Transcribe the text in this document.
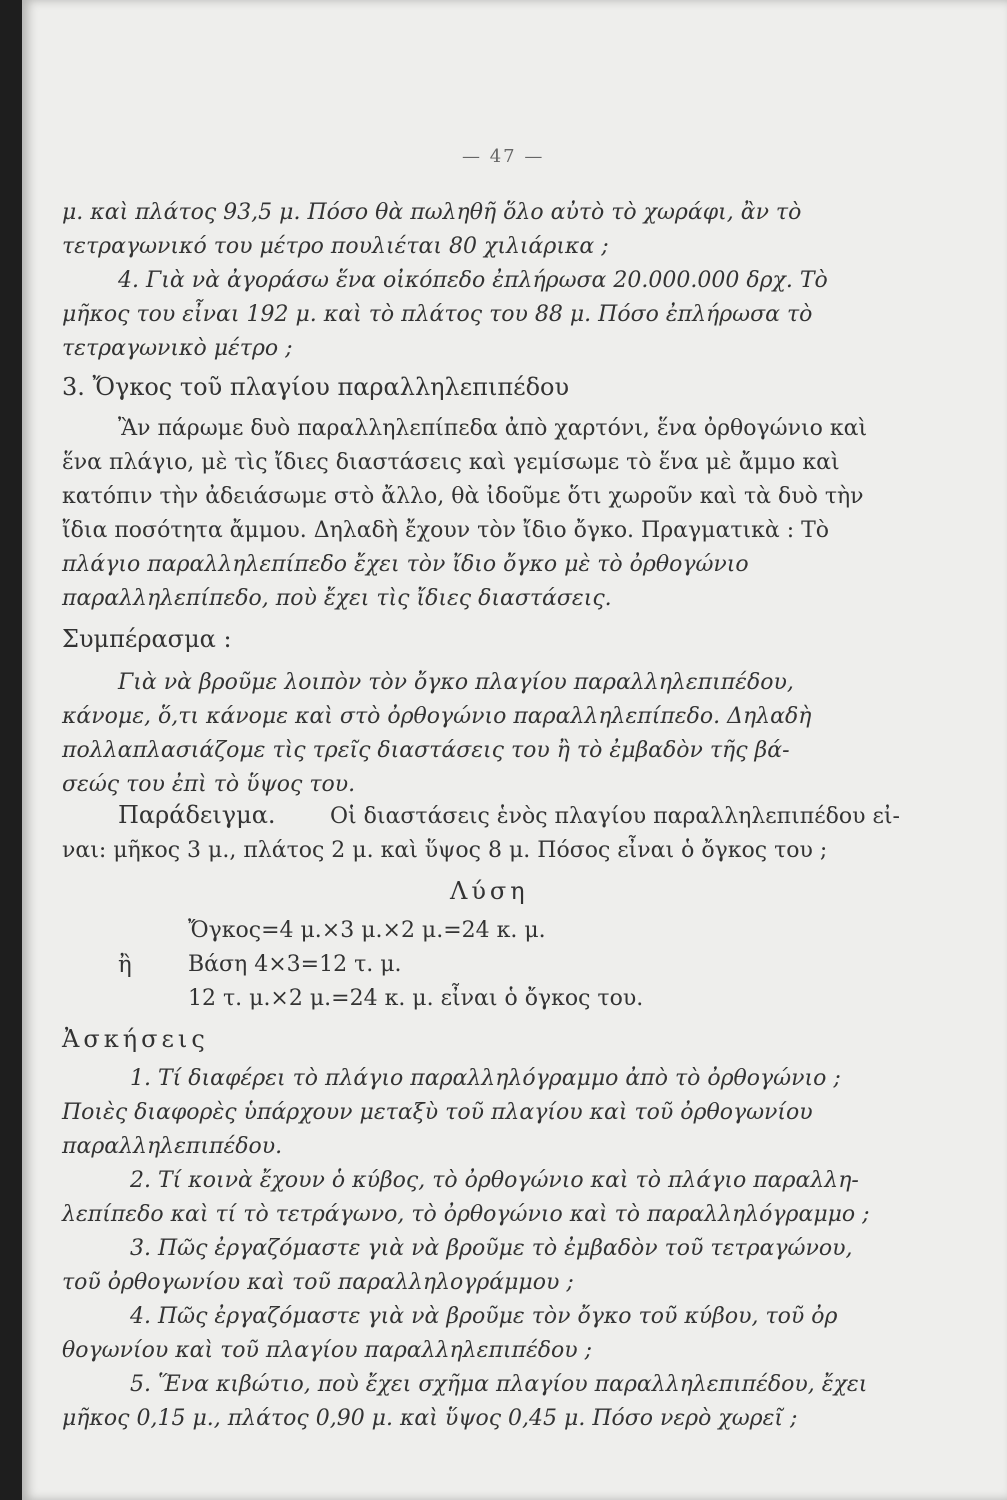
— 47 —
μ. καὶ πλάτος 93,5 μ. Πόσο θὰ πωληθῆ ὅλο αὐτὸ τὸ χωράφι, ἂν τὸ
τετραγωνικό του μέτρο πουλιέται 80 χιλιάρικα ;
4. Γιὰ νὰ ἀγοράσω ἕνα οἰκόπεδο ἐπλήρωσα 20.000.000 δρχ. Τὸ
μῆκος του εἶναι 192 μ. καὶ τὸ πλάτος του 88 μ. Πόσο ἐπλήρωσα τὸ
τετραγωνικὸ μέτρο ;
3. Ὄγκος τοῦ πλαγίου παραλληλεπιπέδου
Ἂν πάρωμε δυὸ παραλληλεπίπεδα ἀπὸ χαρτόνι, ἕνα ὀρθογώνιο καὶ
ἕνα πλάγιο, μὲ τὶς ἴδιες διαστάσεις καὶ γεμίσωμε τὸ ἕνα μὲ ἄμμο καὶ
κατόπιν τὴν ἀδειάσωμε στὸ ἄλλο, θὰ ἰδοῦμε ὅτι χωροῦν καὶ τὰ δυὸ τὴν
ἴδια ποσότητα ἄμμου. Δηλαδὴ ἔχουν τὸν ἴδιο ὄγκο. Πραγματικὰ : Τὸ
πλάγιο παραλληλεπίπεδο ἔχει τὸν ἴδιο ὄγκο μὲ τὸ ὀρθογώνιο
παραλληλεπίπεδο, ποὺ ἔχει τὶς ἴδιες διαστάσεις.
Συμπέρασμα :
Γιὰ νὰ βροῦμε λοιπὸν τὸν ὄγκο πλαγίου παραλληλεπιπέδου,
κάνομε, ὅ,τι κάνομε καὶ στὸ ὀρθογώνιο παραλληλεπίπεδο. Δηλαδὴ
πολλαπλασιάζομε τὶς τρεῖς διαστάσεις του ἢ τὸ ἐμβαδὸν τῆς βά-
σεώς του ἐπὶ τὸ ὕψος του.
Παράδειγμα. Οἱ διαστάσεις ἑνὸς πλαγίου παραλληλεπιπέδου εἰ-
ναι: μῆκος 3 μ., πλάτος 2 μ. καὶ ὕψος 8 μ. Πόσος εἶναι ὁ ὄγκος του ;
Λύση
Ὄγκος=4 μ.×3 μ.×2 μ.=24 κ. μ.
ἢ	Βάση 4×3=12 τ. μ.
12 τ. μ.×2 μ.=24 κ. μ. εἶναι ὁ ὄγκος του.
Ἀσκήσεις
1. Τί διαφέρει τὸ πλάγιο παραλληλόγραμμο ἀπὸ τὸ ὀρθογώνιο ;
Ποιὲς διαφορὲς ὑπάρχουν μεταξὺ τοῦ πλαγίου καὶ τοῦ ὀρθογωνίου
παραλληλεπιπέδου.
2. Τί κοινὰ ἔχουν ὁ κύβος, τὸ ὀρθογώνιο καὶ τὸ πλάγιο παραλλη-
λεπίπεδο καὶ τί τὸ τετράγωνο, τὸ ὀρθογώνιο καὶ τὸ παραλληλόγραμμο ;
3. Πῶς ἐργαζόμαστε γιὰ νὰ βροῦμε τὸ ἐμβαδὸν τοῦ τετραγώνου,
τοῦ ὀρθογωνίου καὶ τοῦ παραλληλογράμμου ;
4. Πῶς ἐργαζόμαστε γιὰ νὰ βροῦμε τὸν ὄγκο τοῦ κύβου, τοῦ ὀρ
θογωνίου καὶ τοῦ πλαγίου παραλληλεπιπέδου ;
5. Ἕνα κιβώτιο, ποὺ ἔχει σχῆμα πλαγίου παραλληλεπιπέδου, ἔχει
μῆκος 0,15 μ., πλάτος 0,90 μ. καὶ ὕψος 0,45 μ. Πόσο νερὸ χωρεῖ ;
